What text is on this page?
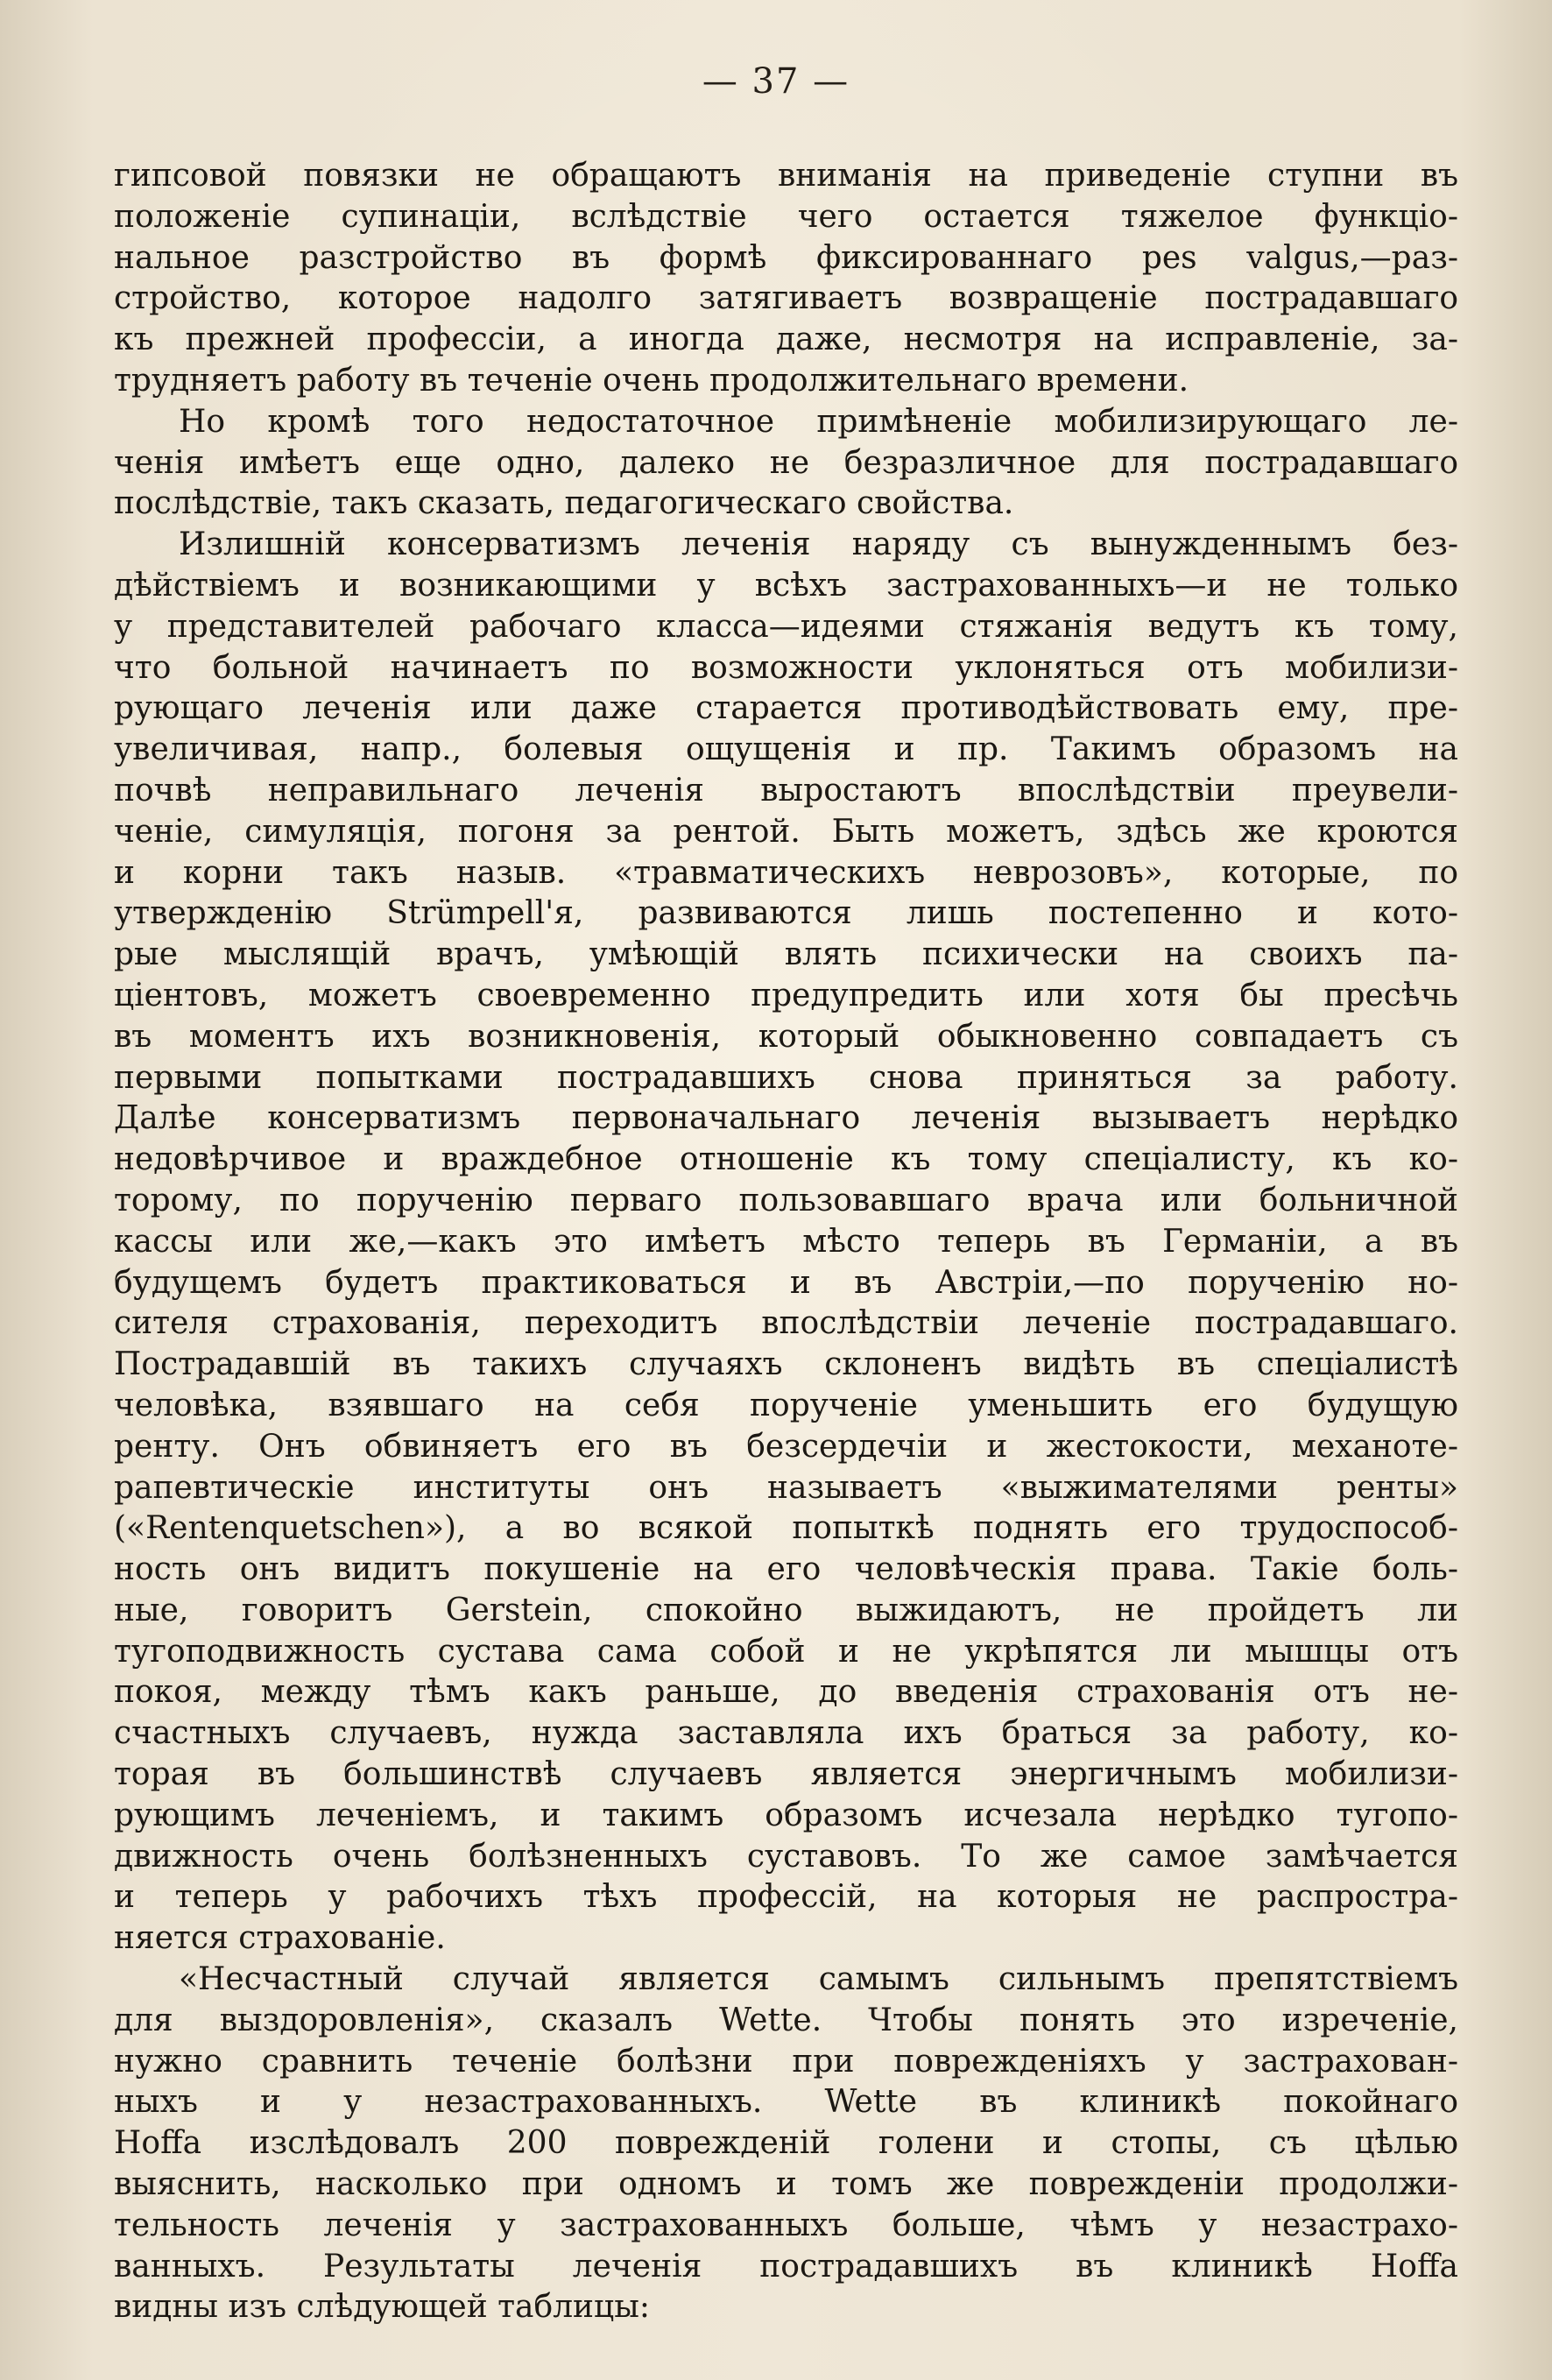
— 37 —
гипсовой повязки не обращаютъ вниманія на приведеніе ступни въ
положеніе супинаціи, вслѣдствіе чего остается тяжелое функціо-
нальное разстройство въ формѣ фиксированнаго pes valgus,—раз-
стройство, которое надолго затягиваетъ возвращеніе пострадавшаго
къ прежней профессіи, а иногда даже, несмотря на исправленіе, за-
трудняетъ работу въ теченіе очень продолжительнаго времени.
Но кромѣ того недостаточное примѣненіе мобилизирующаго ле-
ченія имѣетъ еще одно, далеко не безразличное для пострадавшаго
послѣдствіе, такъ сказать, педагогическаго свойства.
Излишній консерватизмъ леченія наряду съ вынужденнымъ без-
дѣйствіемъ и возникающими у всѣхъ застрахованныхъ—и не только
у представителей рабочаго класса—идеями стяжанія ведутъ къ тому,
что больной начинаетъ по возможности уклоняться отъ мобилизи-
рующаго леченія или даже старается противодѣйствовать ему, пре-
увеличивая, напр., болевыя ощущенія и пр. Такимъ образомъ на
почвѣ неправильнаго леченія выростаютъ впослѣдствіи преувели-
ченіе, симуляція, погоня за рентой. Быть можетъ, здѣсь же кроются
и корни такъ назыв. «травматическихъ неврозовъ», которые, по
утвержденію Strümpell'я, развиваются лишь постепенно и кото-
рые мыслящій врачъ, умѣющій влять психически на своихъ па-
ціентовъ, можетъ своевременно предупредить или хотя бы пресѣчь
въ моментъ ихъ возникновенія, который обыкновенно совпадаетъ съ
первыми попытками пострадавшихъ снова приняться за работу.
Далѣе консерватизмъ первоначальнаго леченія вызываетъ нерѣдко
недовѣрчивое и враждебное отношеніе къ тому спеціалисту, къ ко-
торому, по порученію перваго пользовавшаго врача или больничной
кассы или же,—какъ это имѣетъ мѣсто теперь въ Германіи, а въ
будущемъ будетъ практиковаться и въ Австріи,—по порученію но-
сителя страхованія, переходитъ впослѣдствіи леченіе пострадавшаго.
Пострадавшій въ такихъ случаяхъ склоненъ видѣть въ спеціалистѣ
человѣка, взявшаго на себя порученіе уменьшить его будущую
ренту. Онъ обвиняетъ его въ безсердечіи и жестокости, механоте-
рапевтическіе институты онъ называетъ «выжимателями ренты»
(«Rentenquetschen»), а во всякой попыткѣ поднять его трудоспособ-
ность онъ видитъ покушеніе на его человѣческія права. Такіе боль-
ные, говоритъ Gerstein, спокойно выжидаютъ, не пройдетъ ли
тугоподвижность сустава сама собой и не укрѣпятся ли мышцы отъ
покоя, между тѣмъ какъ раньше, до введенія страхованія отъ не-
счастныхъ случаевъ, нужда заставляла ихъ браться за работу, ко-
торая въ большинствѣ случаевъ является энергичнымъ мобилизи-
рующимъ леченіемъ, и такимъ образомъ исчезала нерѣдко тугопо-
движность очень болѣзненныхъ суставовъ. То же самое замѣчается
и теперь у рабочихъ тѣхъ профессій, на которыя не распростра-
няется страхованіе.
«Несчастный случай является самымъ сильнымъ препятствіемъ
для выздоровленія», сказалъ Wette. Чтобы понять это изреченіе,
нужно сравнить теченіе болѣзни при поврежденіяхъ у застрахован-
ныхъ и у незастрахованныхъ. Wette въ клиникѣ покойнаго
Hoffa изслѣдовалъ 200 поврежденій голени и стопы, съ цѣлью
выяснить, насколько при одномъ и томъ же поврежденіи продолжи-
тельность леченія у застрахованныхъ больше, чѣмъ у незастрахо-
ванныхъ. Результаты леченія пострадавшихъ въ клиникѣ Hoffa
видны изъ слѣдующей таблицы:
